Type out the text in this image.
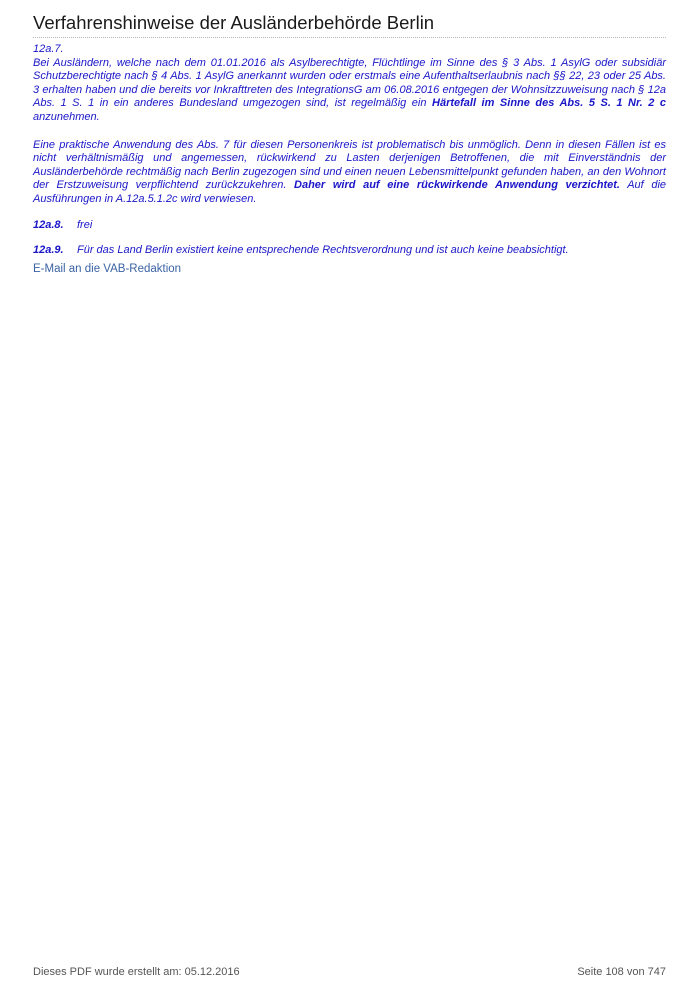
Verfahrenshinweise der Ausländerbehörde Berlin

12a.7.

Bei Ausländern, welche nach dem 01.01.2016 als Asylberechtigte, Flüchtlinge im Sinne des § 3 Abs. 1 AsylG oder subsidiär Schutzberechtigte nach § 4 Abs. 1 AsylG anerkannt wurden oder erstmals eine Aufenthaltserlaubnis nach §§ 22, 23 oder 25 Abs. 3 erhalten haben und die bereits vor Inkrafttreten des IntegrationsG am 06.08.2016 entgegen der Wohnsitzzuweisung nach § 12a Abs. 1 S. 1 in ein anderes Bundesland umgezogen sind, ist regelmäßig ein Härtefall im Sinne des Abs. 5 S. 1 Nr. 2 c anzunehmen.

Eine praktische Anwendung des Abs. 7 für diesen Personenkreis ist problematisch bis unmöglich. Denn in diesen Fällen ist es nicht verhältnismäßig und angemessen, rückwirkend zu Lasten derjenigen Betroffenen, die mit Einverständnis der Ausländerbehörde rechtmäßig nach Berlin zugezogen sind und einen neuen Lebensmittelpunkt gefunden haben, an den Wohnort der Erstzuweisung verpflichtend zurückzukehren. Daher wird auf eine rückwirkende Anwendung verzichtet. Auf die Ausführungen in A.12a.5.1.2c wird verwiesen.

12a.8. frei

12a.9. Für das Land Berlin existiert keine entsprechende Rechtsverordnung und ist auch keine beabsichtigt.

E-Mail an die VAB-Redaktion
Dieses PDF wurde erstellt am: 05.12.2016	Seite 108 von 747
